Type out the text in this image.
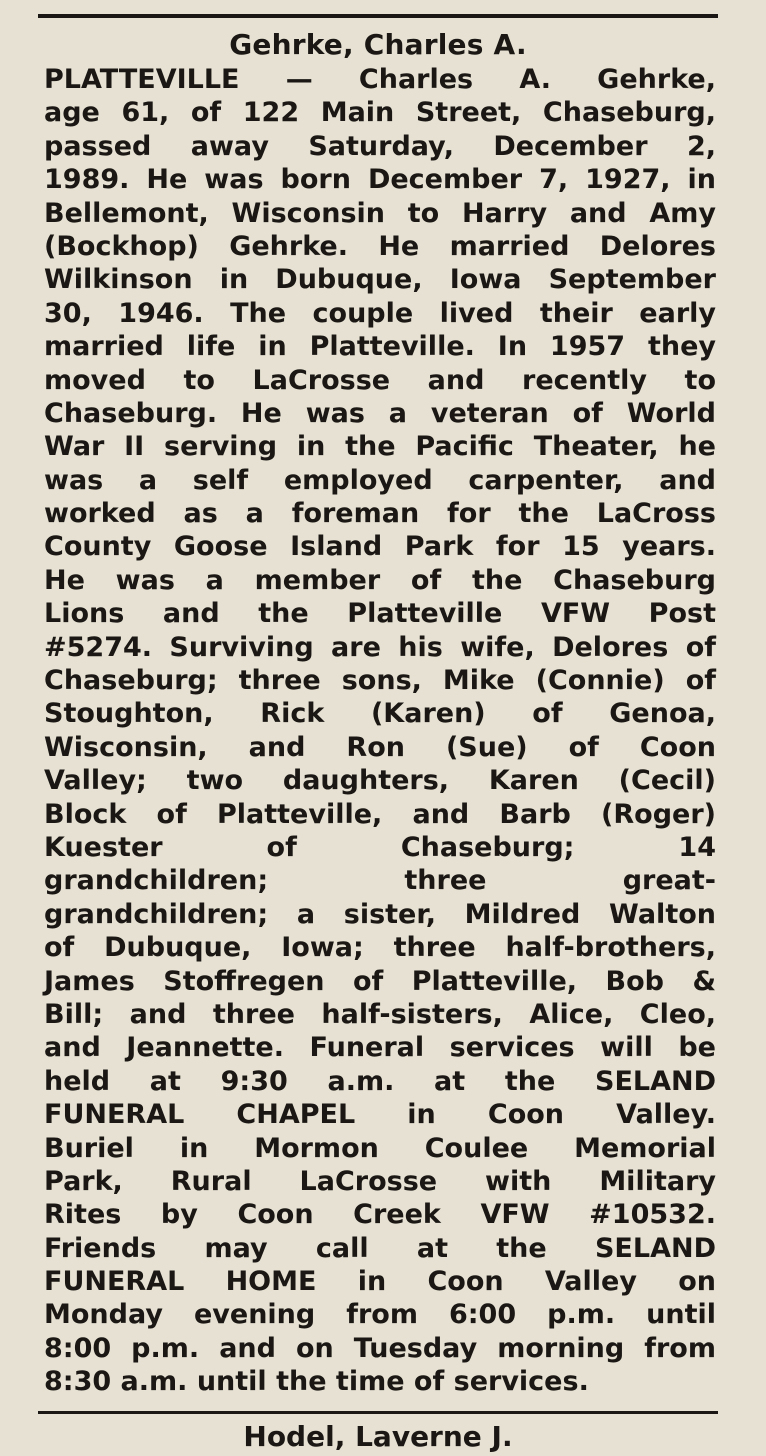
Gehrke, Charles A.
PLATTEVILLE — Charles A. Gehrke,
age 61, of 122 Main Street, Chaseburg,
passed away Saturday, December 2,
1989. He was born December 7, 1927, in
Bellemont, Wisconsin to Harry and Amy
(Bockhop) Gehrke. He married Delores
Wilkinson in Dubuque, Iowa September
30, 1946. The couple lived their early
married life in Platteville. In 1957 they
moved to LaCrosse and recently to
Chaseburg. He was a veteran of World
War II serving in the Pacific Theater, he
was a self employed carpenter, and
worked as a foreman for the LaCross
County Goose Island Park for 15 years.
He was a member of the Chaseburg
Lions and the Platteville VFW Post
#5274. Surviving are his wife, Delores of
Chaseburg; three sons, Mike (Connie) of
Stoughton, Rick (Karen) of Genoa,
Wisconsin, and Ron (Sue) of Coon
Valley; two daughters, Karen (Cecil)
Block of Platteville, and Barb (Roger)
Kuester of Chaseburg; 14
grandchildren; three great-
grandchildren; a sister, Mildred Walton
of Dubuque, Iowa; three half-brothers,
James Stoffregen of Platteville, Bob &
Bill; and three half-sisters, Alice, Cleo,
and Jeannette. Funeral services will be
held at 9:30 a.m. at the SELAND
FUNERAL CHAPEL in Coon Valley.
Buriel in Mormon Coulee Memorial
Park, Rural LaCrosse with Military
Rites by Coon Creek VFW #10532.
Friends may call at the SELAND
FUNERAL HOME in Coon Valley on
Monday evening from 6:00 p.m. until
8:00 p.m. and on Tuesday morning from
8:30 a.m. until the time of services.
Hodel, Laverne J.
